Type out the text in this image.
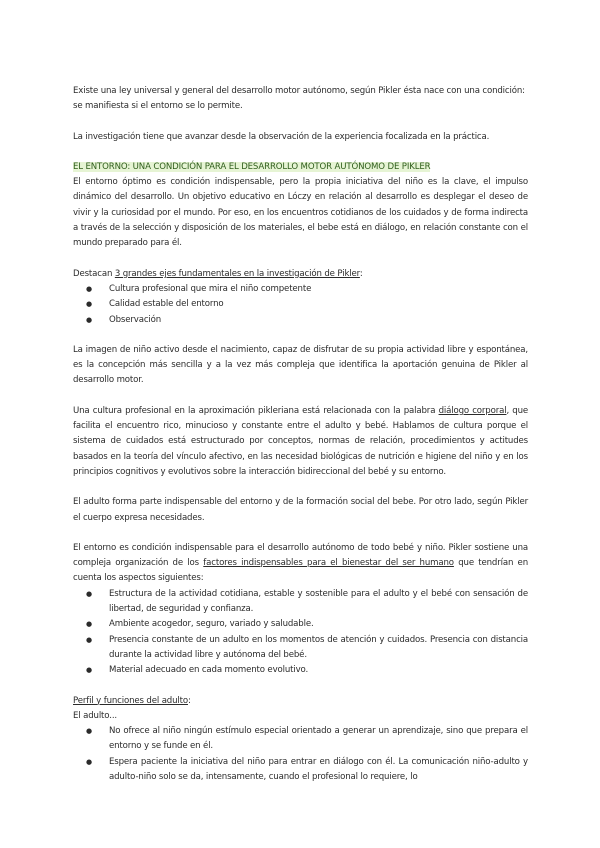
Existe una ley universal y general del desarrollo motor autónomo, según Pikler ésta nace con una condición: se manifiesta si el entorno se lo permite.

La investigación tiene que avanzar desde la observación de la experiencia focalizada en la práctica.

EL ENTORNO: UNA CONDICIÓN PARA EL DESARROLLO MOTOR AUTÓNOMO DE PIKLER

El entorno óptimo es condición indispensable, pero la propia iniciativa del niño es la clave, el impulso dinámico del desarrollo. Un objetivo educativo en Lóczy en relación al desarrollo es desplegar el deseo de vivir y la curiosidad por el mundo. Por eso, en los encuentros cotidianos de los cuidados y de forma indirecta a través de la selección y disposición de los materiales, el bebe está en diálogo, en relación constante con el mundo preparado para él.

Destacan 3 grandes ejes fundamentales en la investigación de Pikler:

● Cultura profesional que mira el niño competente
● Calidad estable del entorno
● Observación

La imagen de niño activo desde el nacimiento, capaz de disfrutar de su propia actividad libre y espontánea, es la concepción más sencilla y a la vez más compleja que identifica la aportación genuina de Pikler al desarrollo motor.

Una cultura profesional en la aproximación pikleriana está relacionada con la palabra diálogo corporal, que facilita el encuentro rico, minucioso y constante entre el adulto y bebé. Hablamos de cultura porque el sistema de cuidados está estructurado por conceptos, normas de relación, procedimientos y actitudes basados en la teoría del vínculo afectivo, en las necesidad biológicas de nutrición e higiene del niño y en los principios cognitivos y evolutivos sobre la interacción bidireccional del bebé y su entorno.

El adulto forma parte indispensable del entorno y de la formación social del bebe. Por otro lado, según Pikler el cuerpo expresa necesidades.

El entorno es condición indispensable para el desarrollo autónomo de todo bebé y niño. Pikler sostiene una compleja organización de los factores indispensables para el bienestar del ser humano que tendrían en cuenta los aspectos siguientes:

● Estructura de la actividad cotidiana, estable y sostenible para el adulto y el bebé con sensación de libertad, de seguridad y confianza.
● Ambiente acogedor, seguro, variado y saludable.
● Presencia constante de un adulto en los momentos de atención y cuidados. Presencia con distancia durante la actividad libre y autónoma del bebé.
● Material adecuado en cada momento evolutivo.

Perfil y funciones del adulto:

El adulto...

● No ofrece al niño ningún estímulo especial orientado a generar un aprendizaje, sino que prepara el entorno y se funde en él.
● Espera paciente la iniciativa del niño para entrar en diálogo con él. La comunicación niño-adulto y adulto-niño solo se da, intensamente, cuando el profesional lo requiere, lo
